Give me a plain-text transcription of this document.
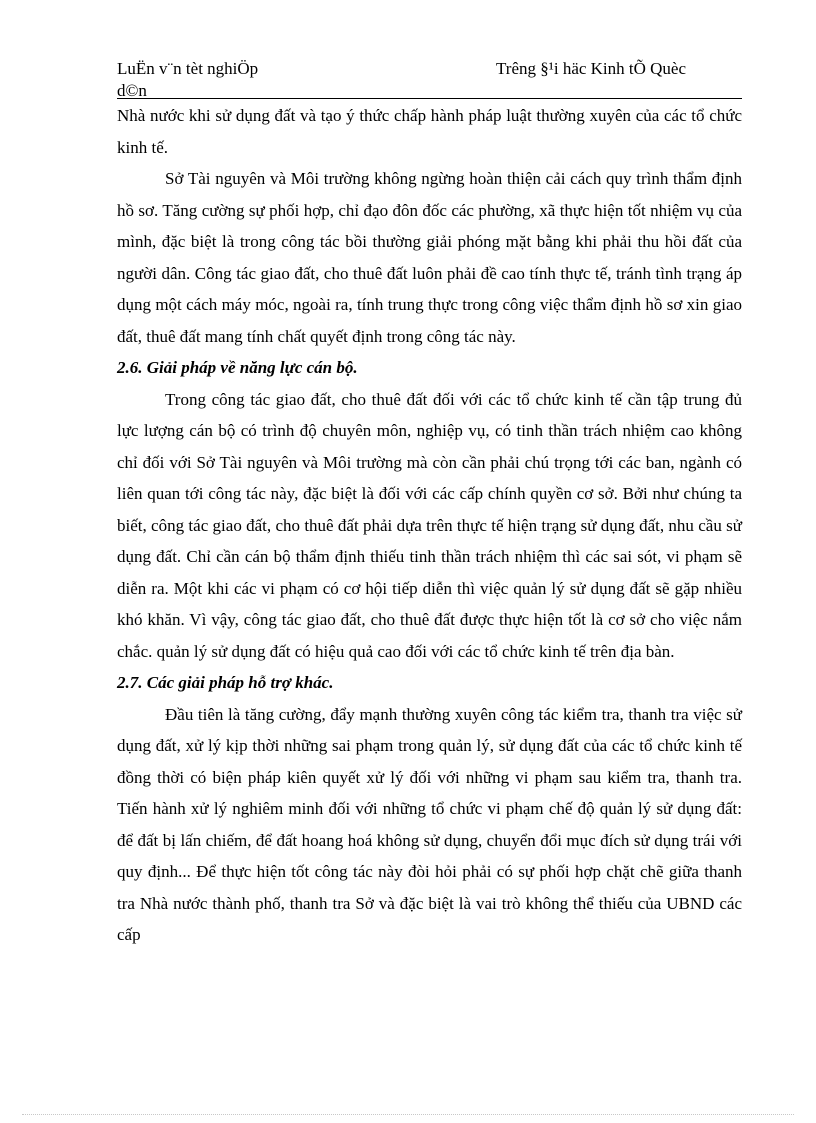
LuËn v¨n tèt nghiÖp
d©n
Trêng §¹i häc Kinh tÕ Quèc

Nhà nước khi sử dụng đất và tạo ý thức chấp hành pháp luật thường xuyên của các tổ chức kinh tế.

Sở Tài nguyên và Môi trường không ngừng hoàn thiện cải cách quy trình thẩm định hồ sơ. Tăng cường sự phối hợp, chỉ đạo đôn đốc các phường, xã thực hiện tốt nhiệm vụ của mình, đặc biệt là trong công tác bồi thường giải phóng mặt bằng khi phải thu hồi đất của người dân. Công tác giao đất, cho thuê đất luôn phải đề cao tính thực tế, tránh tình trạng áp dụng một cách máy móc, ngoài ra, tính trung thực trong công việc thẩm định hồ sơ xin giao đất, thuê đất mang tính chất quyết định trong công tác này.

2.6. Giải pháp về năng lực cán bộ.

Trong công tác giao đất, cho thuê đất đối với các tổ chức kinh tế cần tập trung đủ lực lượng cán bộ có trình độ chuyên môn, nghiệp vụ, có tinh thần trách nhiệm cao không chỉ đối với Sở Tài nguyên và Môi trường mà còn cần phải chú trọng tới các ban, ngành có liên quan tới công tác này, đặc biệt là đối với các cấp chính quyền cơ sở. Bởi như chúng ta biết, công tác giao đất, cho thuê đất phải dựa trên thực tế hiện trạng sử dụng đất, nhu cầu sử dụng đất. Chỉ cần cán bộ thẩm định thiếu tinh thần trách nhiệm thì các sai sót, vi phạm sẽ diễn ra. Một khi các vi phạm có cơ hội tiếp diễn thì việc quản lý sử dụng đất sẽ gặp nhiều khó khăn. Vì vậy, công tác giao đất, cho thuê đất được thực hiện tốt là cơ sở cho việc nắm chắc. quản lý sử dụng đất có hiệu quả cao đối với các tổ chức kinh tế trên địa bàn.

2.7. Các giải pháp hỗ trợ khác.

Đầu tiên là tăng cường, đẩy mạnh thường xuyên công tác kiểm tra, thanh tra việc sử dụng đất, xử lý kịp thời những sai phạm trong quản lý, sử dụng đất của các tổ chức kinh tế đồng thời có biện pháp kiên quyết xử lý đối với những vi phạm sau kiểm tra, thanh tra. Tiến hành xử lý nghiêm minh đối với những tổ chức vi phạm chế độ quản lý sử dụng đất: để đất bị lấn chiếm, để đất hoang hoá không sử dụng, chuyển đổi mục đích sử dụng trái với quy định... Để thực hiện tốt công tác này đòi hỏi phải có sự phối hợp chặt chẽ giữa thanh tra Nhà nước thành phố, thanh tra Sở và đặc biệt là vai trò không thể thiếu của UBND các cấp
